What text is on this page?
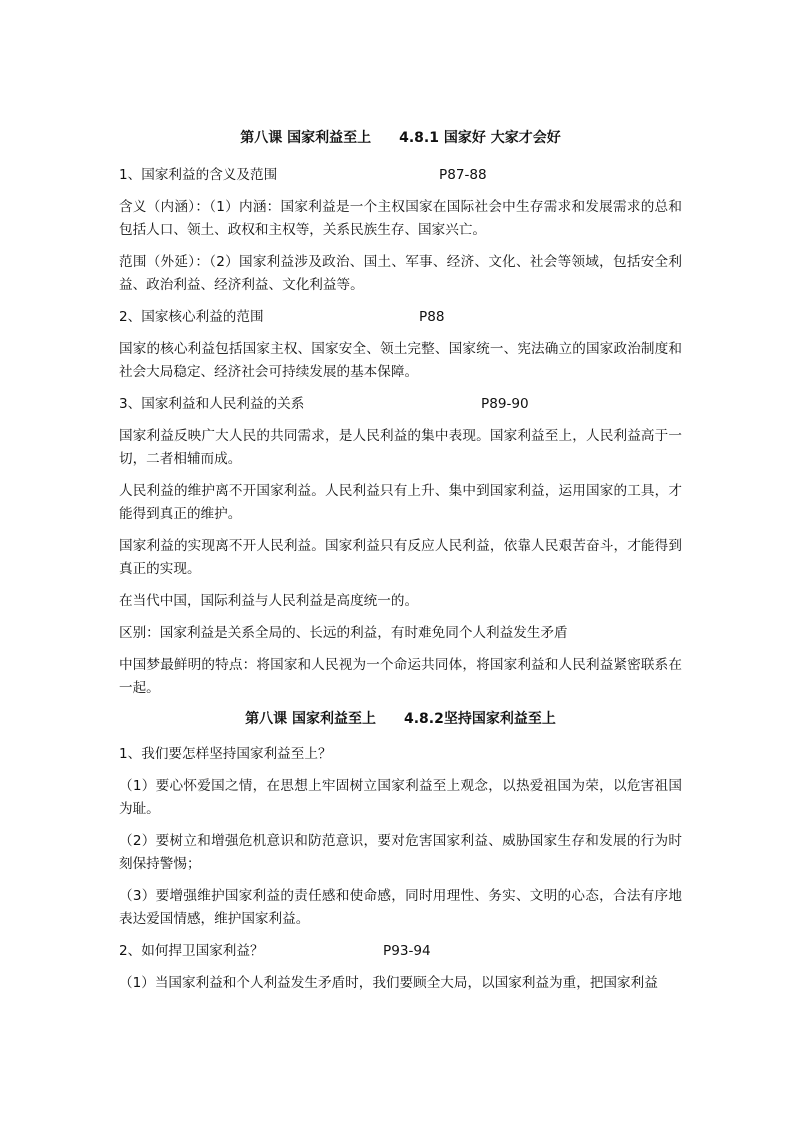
第八课 国家利益至上　　4.8.1 国家好 大家才会好
1、国家利益的含义及范围	P87-88

含义（内涵）：（1）内涵：国家利益是一个主权国家在国际社会中生存需求和发展需求的总和包括人口、领土、政权和主权等，关系民族生存、国家兴亡。

范围（外延）：（2）国家利益涉及政治、国土、军事、经济、文化、社会等领域，包括安全利益、政治利益、经济利益、文化利益等。

2、国家核心利益的范围	P88

国家的核心利益包括国家主权、国家安全、领土完整、国家统一、宪法确立的国家政治制度和社会大局稳定、经济社会可持续发展的基本保障。

3、国家利益和人民利益的关系	P89-90

国家利益反映广大人民的共同需求，是人民利益的集中表现。国家利益至上，人民利益高于一切，二者相辅而成。

人民利益的维护离不开国家利益。人民利益只有上升、集中到国家利益，运用国家的工具，才能得到真正的维护。

国家利益的实现离不开人民利益。国家利益只有反应人民利益，依靠人民艰苦奋斗，才能得到真正的实现。

在当代中国，国际利益与人民利益是高度统一的。

区别：国家利益是关系全局的、长远的利益，有时难免同个人利益发生矛盾

中国梦最鲜明的特点：将国家和人民视为一个命运共同体，将国家利益和人民利益紧密联系在一起。

第八课 国家利益至上　　4.8.2坚持国家利益至上
1、我们要怎样坚持国家利益至上？

（1）要心怀爱国之情，在思想上牢固树立国家利益至上观念，以热爱祖国为荣，以危害祖国为耻。

（2）要树立和增强危机意识和防范意识，要对危害国家利益、威胁国家生存和发展的行为时刻保持警惕；

（3）要增强维护国家利益的责任感和使命感，同时用理性、务实、文明的心态，合法有序地表达爱国情感，维护国家利益。

2、如何捍卫国家利益？	P93-94

（1）当国家利益和个人利益发生矛盾时，我们要顾全大局，以国家利益为重，把国家利益
